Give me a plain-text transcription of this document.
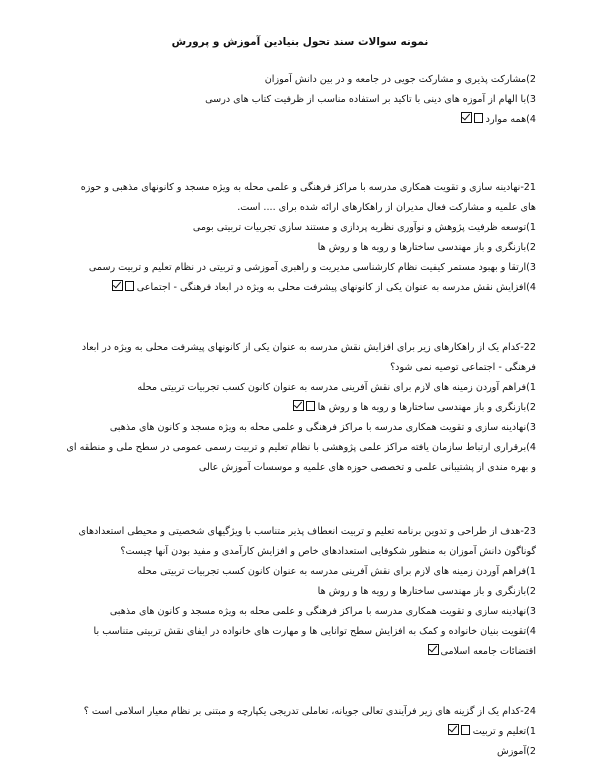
نمونه سوالات سند تحول بنیادین آموزش و پرورش
2)مشارکت پذیری و مشارکت جویی در جامعه و در بین دانش آموزان
3)با الهام از آموزه های دینی با تاکید بر استفاده مناسب از ظرفیت کتاب های درسی
4)همه موارد
21-نهادینه سازی و تقویت همکاری مدرسه با مراکز فرهنگی و علمی محله به ویژه مسجد و کانونهای مذهبی و حوزه های علمیه و مشارکت فعال مدیران از راهکارهای ارائه شده برای .... است.
1)توسعه ظرفیت پژوهش و نوآوری نظریه پردازی و مستند سازی تجربیات تربیتی بومی
2)بازنگری و باز مهندسی ساختارها و رویه ها و روش ها
3)ارتقا و بهبود مستمر کیفیت نظام کارشناسی مدیریت و راهبری آموزشی و تربیتی در نظام تعلیم و تربیت رسمی
4)افزایش نقش مدرسه به عنوان یکی از کانونهای پیشرفت محلی به ویژه در ابعاد فرهنگی - اجتماعی
22-کدام یک از راهکارهای زیر برای افزایش نقش مدرسه به عنوان یکی از کانونهای پیشرفت محلی به ویژه در ابعاد فرهنگی - اجتماعی توصیه نمی شود؟
1)فراهم آوردن زمینه های لازم برای نقش آفرینی مدرسه به عنوان کانون کسب تجربیات تربیتی محله
2)بازنگری و باز مهندسی ساختارها و رویه ها و روش ها
3)نهادینه سازی و تقویت همکاری مدرسه با مراکز فرهنگی و علمی محله به ویژه مسجد و کانون های مذهبی
4)برقراری ارتباط سازمان یافته مراکز علمی پژوهشی با نظام تعلیم و تربیت رسمی عمومی در سطح ملی و منطقه ای و بهره مندی از پشتیبانی علمی و تخصصی حوزه های علمیه و موسسات آموزش عالی
23-هدف از طراحی و تدوین برنامه تعلیم و تربیت انعطاف پذیر متناسب با ویژگیهای شخصیتی و محیطی استعدادهای گوناگون دانش آموزان به منظور شکوفایی استعدادهای خاص و افزایش کارآمدی و مفید بودن آنها چیست؟
1)فراهم آوردن زمینه های لازم برای نقش آفرینی مدرسه به عنوان کانون کسب تجربیات تربیتی محله
2)بازنگری و باز مهندسی ساختارها و رویه ها و روش ها
3)نهادینه سازی و تقویت همکاری مدرسه با مراکز فرهنگی و علمی محله به ویژه مسجد و کانون های مذهبی
4)تقویت بنیان خانواده و کمک به افزایش سطح توانایی ها و مهارت های خانواده در ایفای نقش تربیتی متناسب با اقتضائات جامعه اسلامی
24-کدام یک از گزینه های زیر فرآیندی تعالی جویانه، تعاملی تدریجی یکپارچه و مبتنی بر نظام معیار اسلامی است ؟
1)تعلیم و تربیت
2)آموزش
